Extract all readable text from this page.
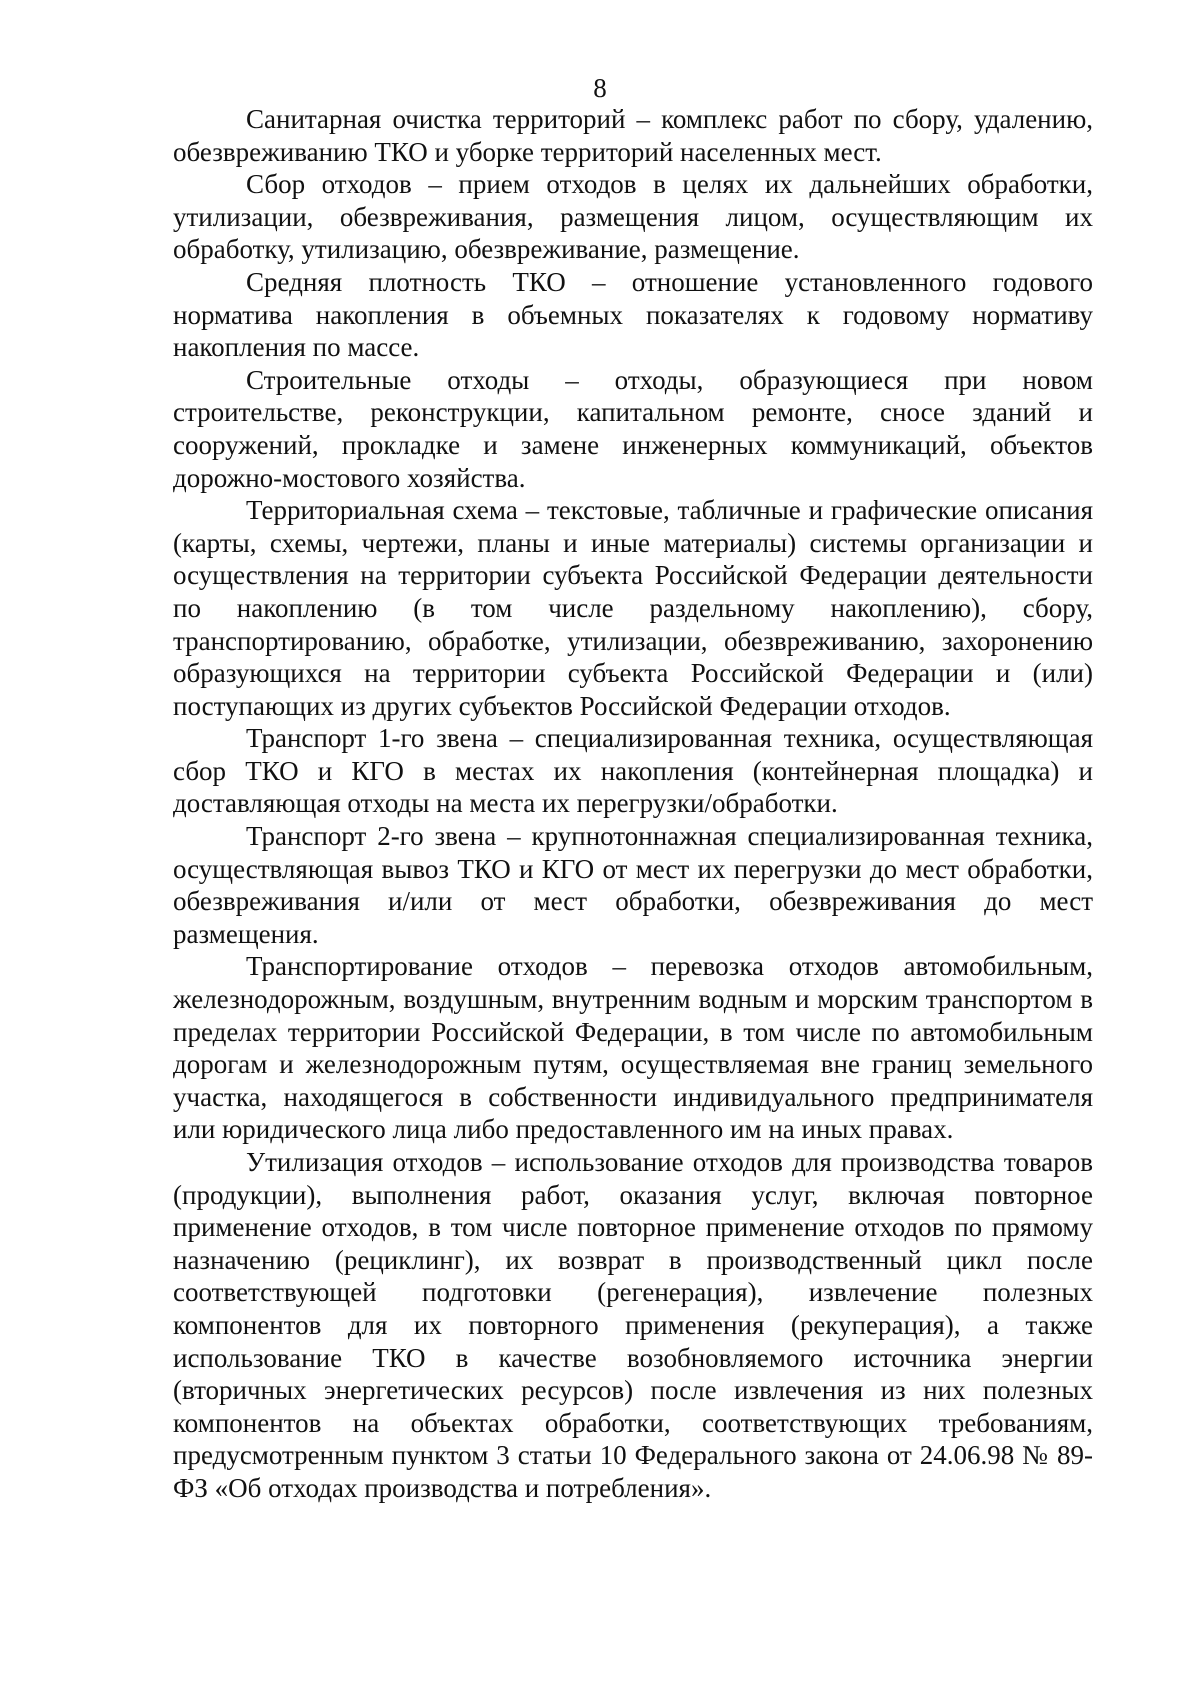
8

Санитарная очистка территорий – комплекс работ по сбору, удалению, обезвреживанию ТКО и уборке территорий населенных мест.

Сбор отходов – прием отходов в целях их дальнейших обработки, утилизации, обезвреживания, размещения лицом, осуществляющим их обработку, утилизацию, обезвреживание, размещение.

Средняя плотность ТКО – отношение установленного годового норматива накопления в объемных показателях к годовому нормативу накопления по массе.

Строительные отходы – отходы, образующиеся при новом строительстве, реконструкции, капитальном ремонте, сносе зданий и сооружений, прокладке и замене инженерных коммуникаций, объектов дорожно-мостового хозяйства.

Территориальная схема – текстовые, табличные и графические описания (карты, схемы, чертежи, планы и иные материалы) системы организации и осуществления на территории субъекта Российской Федерации деятельности по накоплению (в том числе раздельному накоплению), сбору, транспортированию, обработке, утилизации, обезвреживанию, захоронению образующихся на территории субъекта Российской Федерации и (или) поступающих из других субъектов Российской Федерации отходов.

Транспорт 1-го звена – специализированная техника, осуществляющая сбор ТКО и КГО в местах их накопления (контейнерная площадка) и доставляющая отходы на места их перегрузки/обработки.

Транспорт 2-го звена – крупнотоннажная специализированная техника, осуществляющая вывоз ТКО и КГО от мест их перегрузки до мест обработки, обезвреживания и/или от мест обработки, обезвреживания до мест размещения.

Транспортирование отходов – перевозка отходов автомобильным, железнодорожным, воздушным, внутренним водным и морским транспортом в пределах территории Российской Федерации, в том числе по автомобильным дорогам и железнодорожным путям, осуществляемая вне границ земельного участка, находящегося в собственности индивидуального предпринимателя или юридического лица либо предоставленного им на иных правах.

Утилизация отходов – использование отходов для производства товаров (продукции), выполнения работ, оказания услуг, включая повторное применение отходов, в том числе повторное применение отходов по прямому назначению (рециклинг), их возврат в производственный цикл после соответствующей подготовки (регенерация), извлечение полезных компонентов для их повторного применения (рекуперация), а также использование ТКО в качестве возобновляемого источника энергии (вторичных энергетических ресурсов) после извлечения из них полезных компонентов на объектах обработки, соответствующих требованиям, предусмотренным пунктом 3 статьи 10 Федерального закона от 24.06.98 № 89-ФЗ «Об отходах производства и потребления».
